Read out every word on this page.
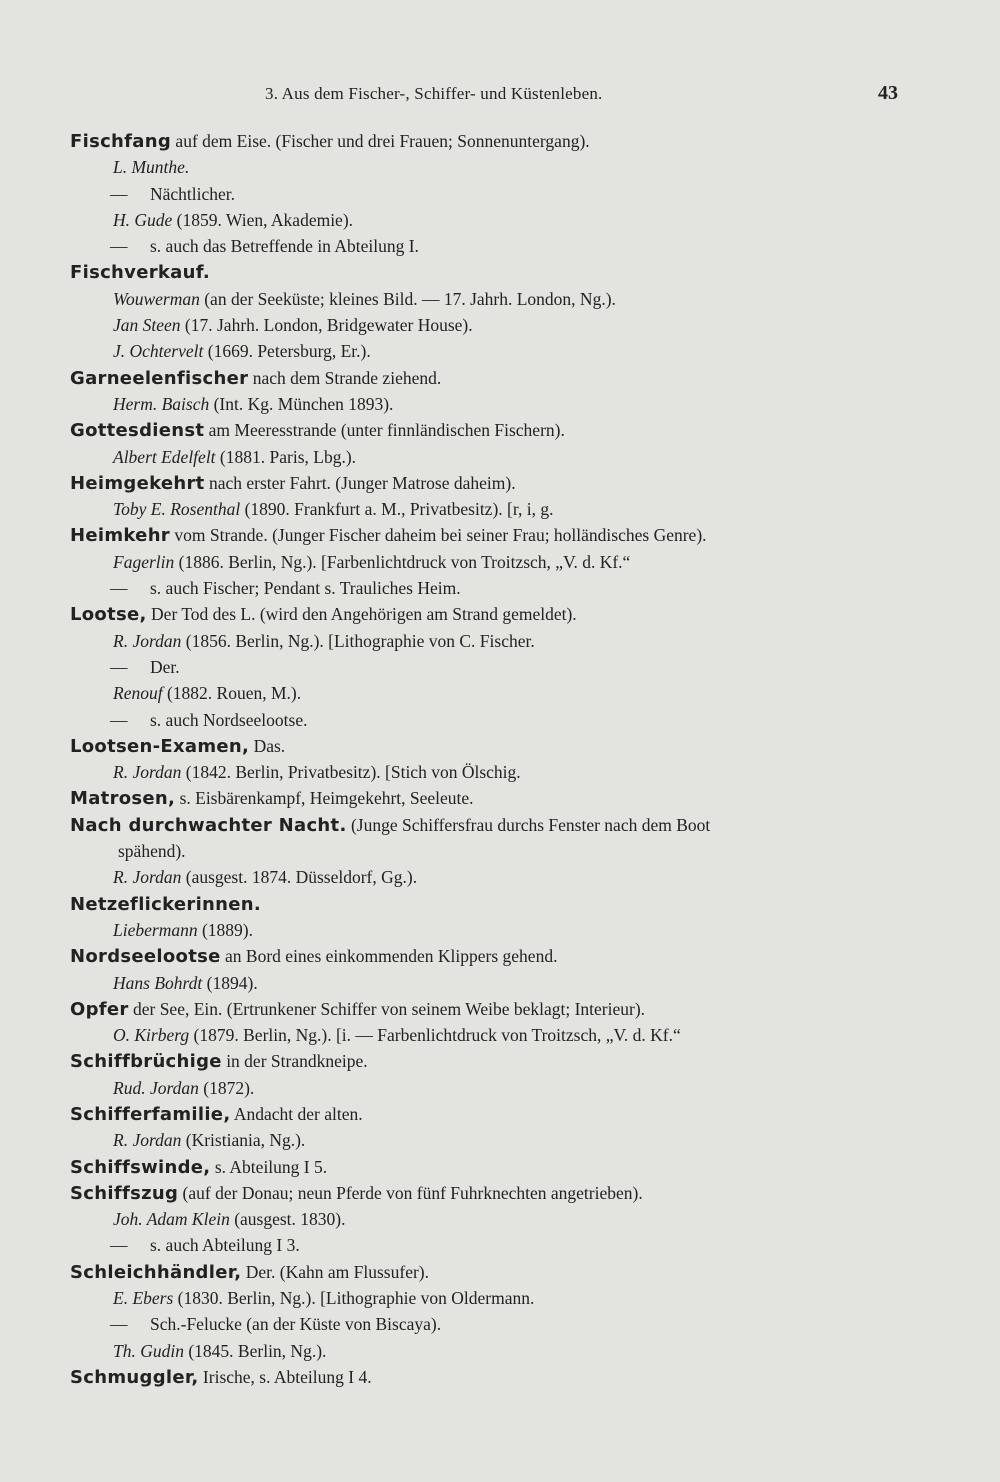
3. Aus dem Fischer-, Schiffer- und Küstenleben.	43
Fischfang auf dem Eise. (Fischer und drei Frauen; Sonnenuntergang).
L. Munthe.
—Nächtlicher.
H. Gude (1859. Wien, Akademie).
—s. auch das Betreffende in Abteilung I.
Fischverkauf.
Wouwerman (an der Seeküste; kleines Bild. — 17. Jahrh. London, Ng.).
Jan Steen (17. Jahrh. London, Bridgewater House).
J. Ochtervelt (1669. Petersburg, Er.).
Garneelenfischer nach dem Strande ziehend.
Herm. Baisch (Int. Kg. München 1893).
Gottesdienst am Meeresstrande (unter finnländischen Fischern).
Albert Edelfelt (1881. Paris, Lbg.).
Heimgekehrt nach erster Fahrt. (Junger Matrose daheim).
Toby E. Rosenthal (1890. Frankfurt a. M., Privatbesitz). [r, i, g.
Heimkehr vom Strande. (Junger Fischer daheim bei seiner Frau; holländisches Genre).
Fagerlin (1886. Berlin, Ng.). [Farbenlichtdruck von Troitzsch, „V. d. Kf.“
—s. auch Fischer; Pendant s. Trauliches Heim.
Lootse, Der Tod des L. (wird den Angehörigen am Strand gemeldet).
R. Jordan (1856. Berlin, Ng.). [Lithographie von C. Fischer.
—Der.
Renouf (1882. Rouen, M.).
—s. auch Nordseelootse.
Lootsen-Examen, Das.
R. Jordan (1842. Berlin, Privatbesitz). [Stich von Ölschig.
Matrosen, s. Eisbärenkampf, Heimgekehrt, Seeleute.
Nach durchwachter Nacht. (Junge Schiffersfrau durchs Fenster nach dem Boot
spähend).
R. Jordan (ausgest. 1874. Düsseldorf, Gg.).
Netzeflickerinnen.
Liebermann (1889).
Nordseelootse an Bord eines einkommenden Klippers gehend.
Hans Bohrdt (1894).
Opfer der See, Ein. (Ertrunkener Schiffer von seinem Weibe beklagt; Interieur).
O. Kirberg (1879. Berlin, Ng.). [i. — Farbenlichtdruck von Troitzsch, „V. d. Kf.“
Schiffbrüchige in der Strandkneipe.
Rud. Jordan (1872).
Schifferfamilie, Andacht der alten.
R. Jordan (Kristiania, Ng.).
Schiffswinde, s. Abteilung I 5.
Schiffszug (auf der Donau; neun Pferde von fünf Fuhrknechten angetrieben).
Joh. Adam Klein (ausgest. 1830).
—s. auch Abteilung I 3.
Schleichhändler, Der. (Kahn am Flussufer).
E. Ebers (1830. Berlin, Ng.). [Lithographie von Oldermann.
—Sch.-Felucke (an der Küste von Biscaya).
Th. Gudin (1845. Berlin, Ng.).
Schmuggler, Irische, s. Abteilung I 4.
